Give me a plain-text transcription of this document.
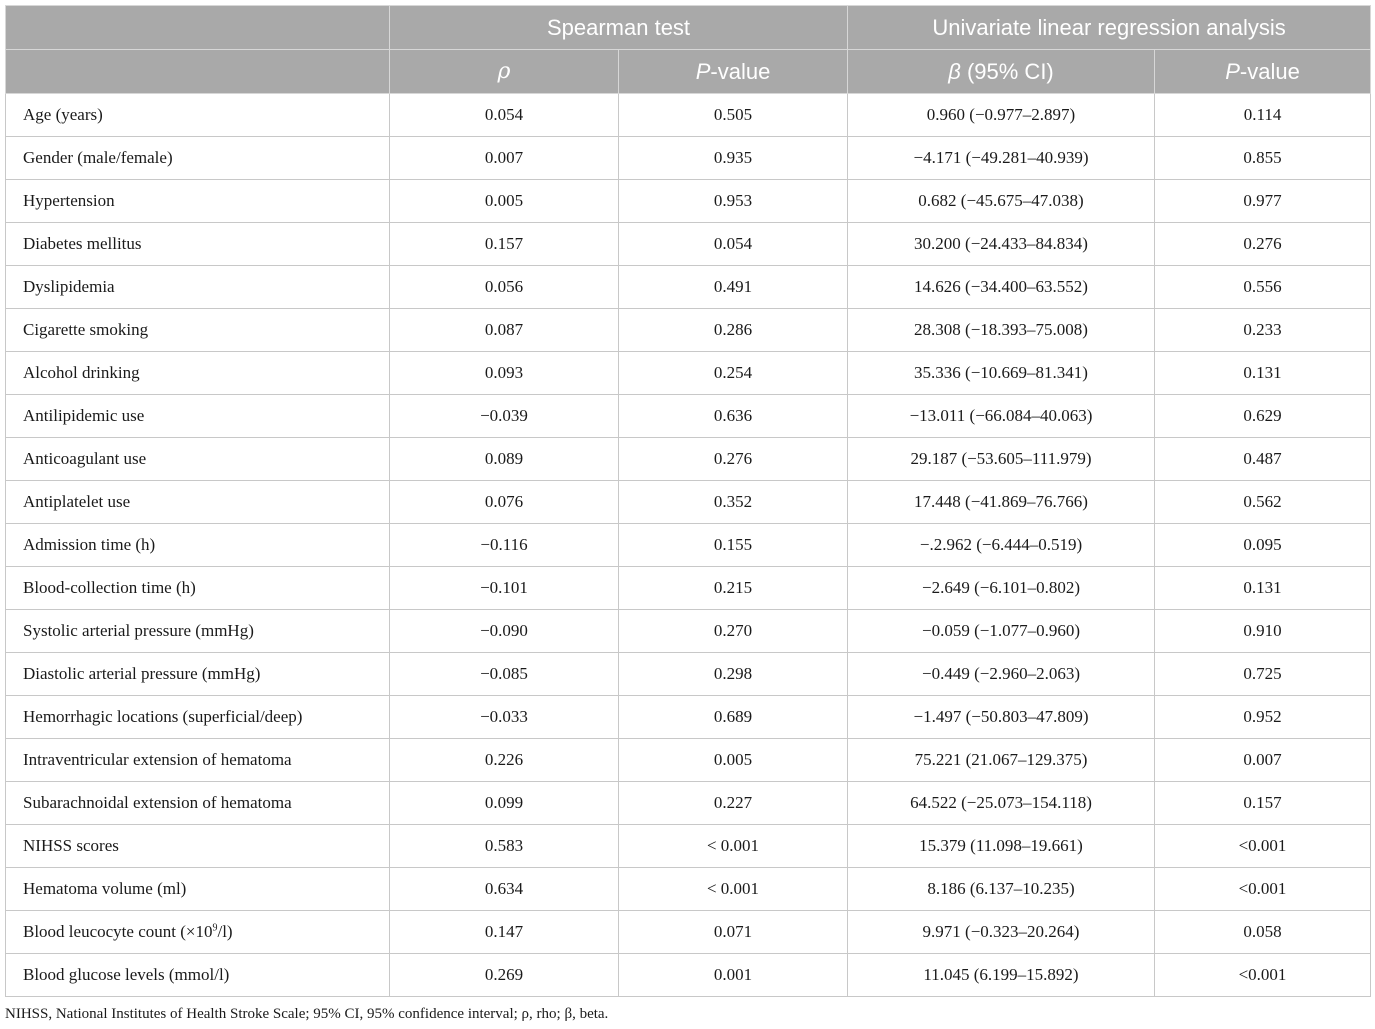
	Spearman test		Univariate linear regression analysis	
	ρ	P-value	β (95% CI)	P-value
Age (years)	0.054	0.505	0.960 (−0.977–2.897)	0.114
Gender (male/female)	0.007	0.935	−4.171 (−49.281–40.939)	0.855
Hypertension	0.005	0.953	0.682 (−45.675–47.038)	0.977
Diabetes mellitus	0.157	0.054	30.200 (−24.433–84.834)	0.276
Dyslipidemia	0.056	0.491	14.626 (−34.400–63.552)	0.556
Cigarette smoking	0.087	0.286	28.308 (−18.393–75.008)	0.233
Alcohol drinking	0.093	0.254	35.336 (−10.669–81.341)	0.131
Antilipidemic use	−0.039	0.636	−13.011 (−66.084–40.063)	0.629
Anticoagulant use	0.089	0.276	29.187 (−53.605–111.979)	0.487
Antiplatelet use	0.076	0.352	17.448 (−41.869–76.766)	0.562
Admission time (h)	−0.116	0.155	−.2.962 (−6.444–0.519)	0.095
Blood-collection time (h)	−0.101	0.215	−2.649 (−6.101–0.802)	0.131
Systolic arterial pressure (mmHg)	−0.090	0.270	−0.059 (−1.077–0.960)	0.910
Diastolic arterial pressure (mmHg)	−0.085	0.298	−0.449 (−2.960–2.063)	0.725
Hemorrhagic locations (superficial/deep)	−0.033	0.689	−1.497 (−50.803–47.809)	0.952
Intraventricular extension of hematoma	0.226	0.005	75.221 (21.067–129.375)	0.007
Subarachnoidal extension of hematoma	0.099	0.227	64.522 (−25.073–154.118)	0.157
NIHSS scores	0.583	< 0.001	15.379 (11.098–19.661)	<0.001
Hematoma volume (ml)	0.634	< 0.001	8.186 (6.137–10.235)	<0.001
Blood leucocyte count $(\times 10^9/l)$	0.147	0.071	9.971 (−0.323–20.264)	0.058
Blood glucose levels (mmol/l)	0.269	0.001	11.045 (6.199–15.892)	<0.001
NIHSS, National Institutes of Health Stroke Scale; 95% CI, 95% confidence interval; ρ, rho; β, beta.
